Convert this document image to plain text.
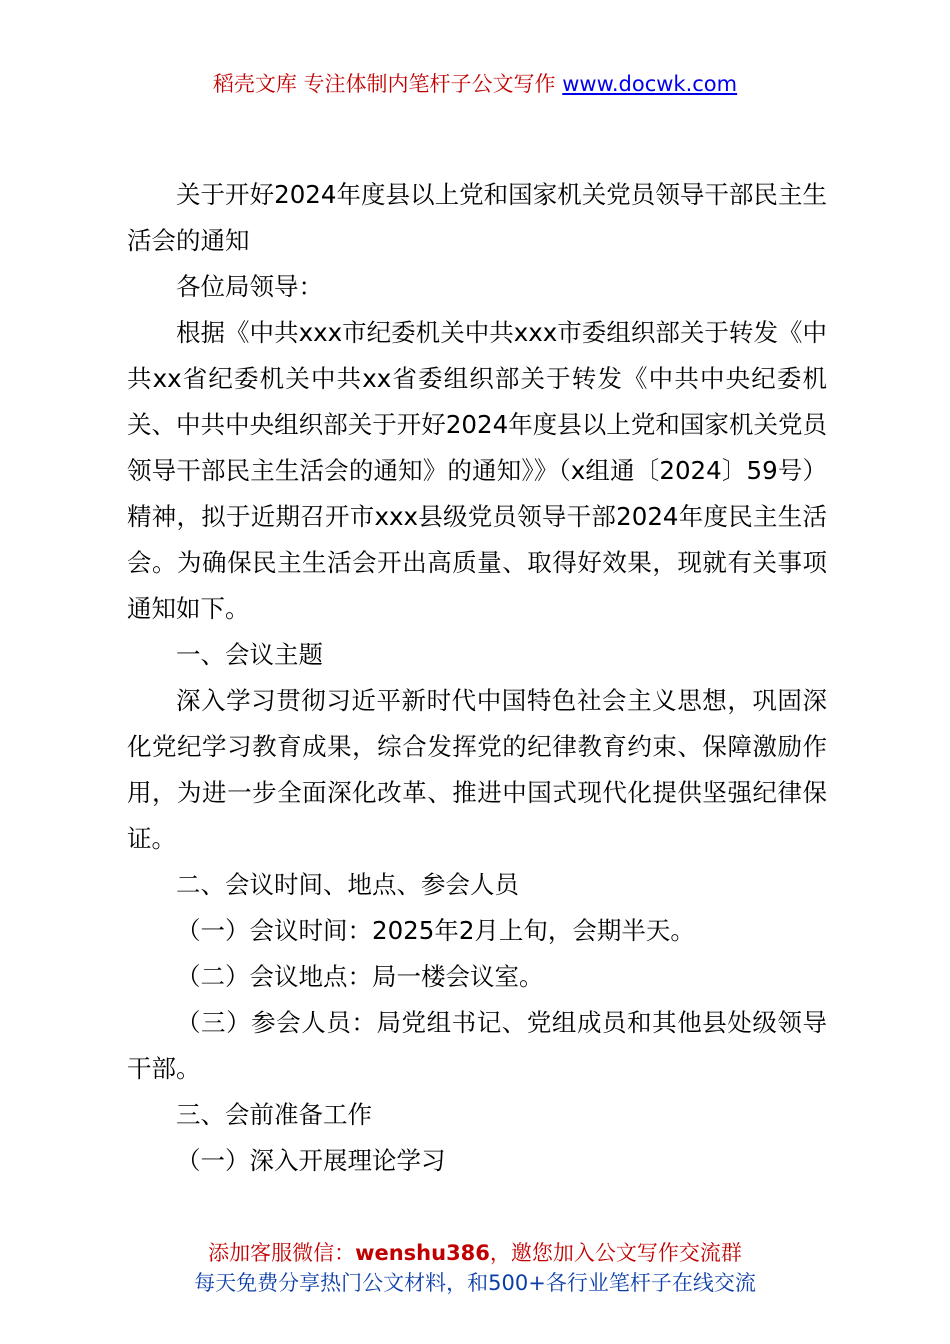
稻壳文库 专注体制内笔杆子公文写作 www.docwk.com

关于开好2024年度县以上党和国家机关党员领导干部民主生活会的通知

各位局领导：

根据《中共xxx市纪委机关中共xxx市委组织部关于转发《中共xx省纪委机关中共xx省委组织部关于转发《中共中央纪委机关、中共中央组织部关于开好2024年度县以上党和国家机关党员领导干部民主生活会的通知》的通知》》（x组通〔2024〕59号）精神，拟于近期召开市xxx县级党员领导干部2024年度民主生活会。为确保民主生活会开出高质量、取得好效果，现就有关事项通知如下。

一、会议主题

深入学习贯彻习近平新时代中国特色社会主义思想，巩固深化党纪学习教育成果，综合发挥党的纪律教育约束、保障激励作用，为进一步全面深化改革、推进中国式现代化提供坚强纪律保证。

二、会议时间、地点、参会人员

（一）会议时间：2025年2月上旬，会期半天。

（二）会议地点：局一楼会议室。

（三）参会人员：局党组书记、党组成员和其他县处级领导干部。

三、会前准备工作

（一）深入开展理论学习

添加客服微信：wenshu386，邀您加入公文写作交流群
每天免费分享热门公文材料，和500+各行业笔杆子在线交流
